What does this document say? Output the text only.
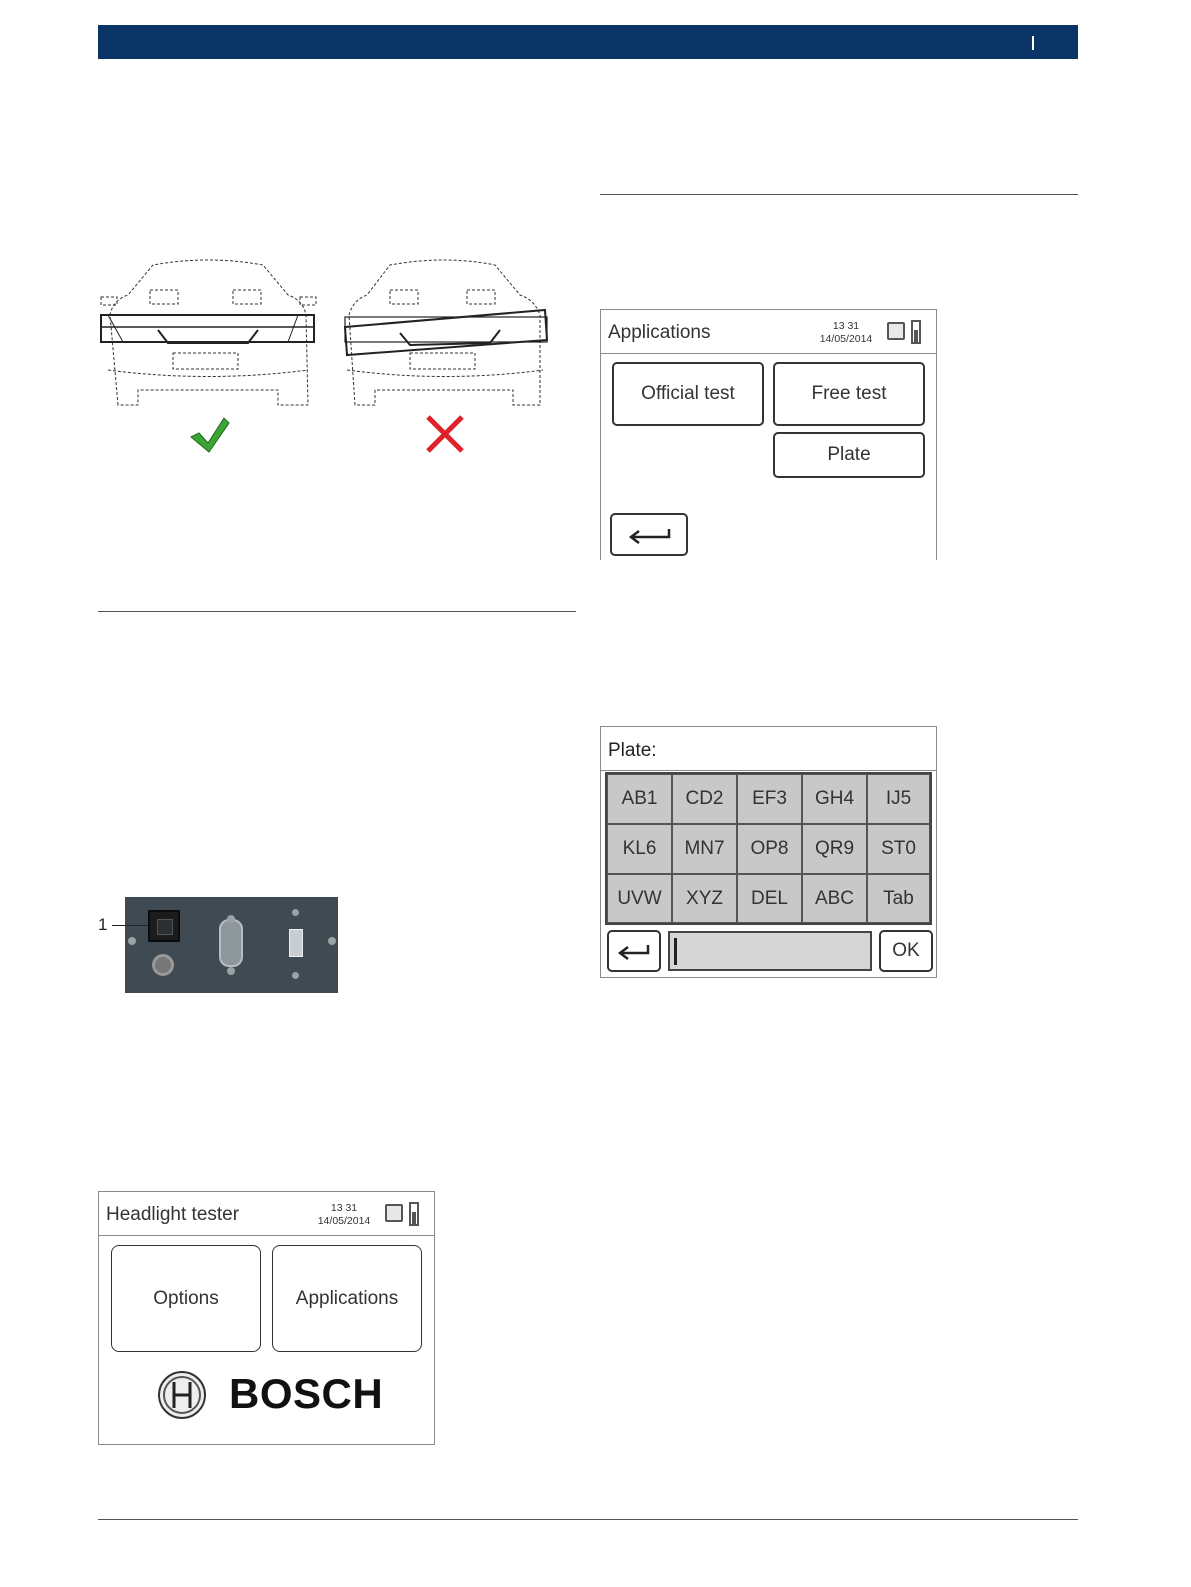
1
Applications	13 31
14/05/2014
Official test	Free test
Plate
Plate:
AB1	CD2	EF3	GH4	IJ5
KL6	MN7	OP8	QR9	ST0
UVW	XYZ	DEL	ABC	Tab
OK
Headlight tester	13 31
14/05/2014
Options	Applications
BOSCH
